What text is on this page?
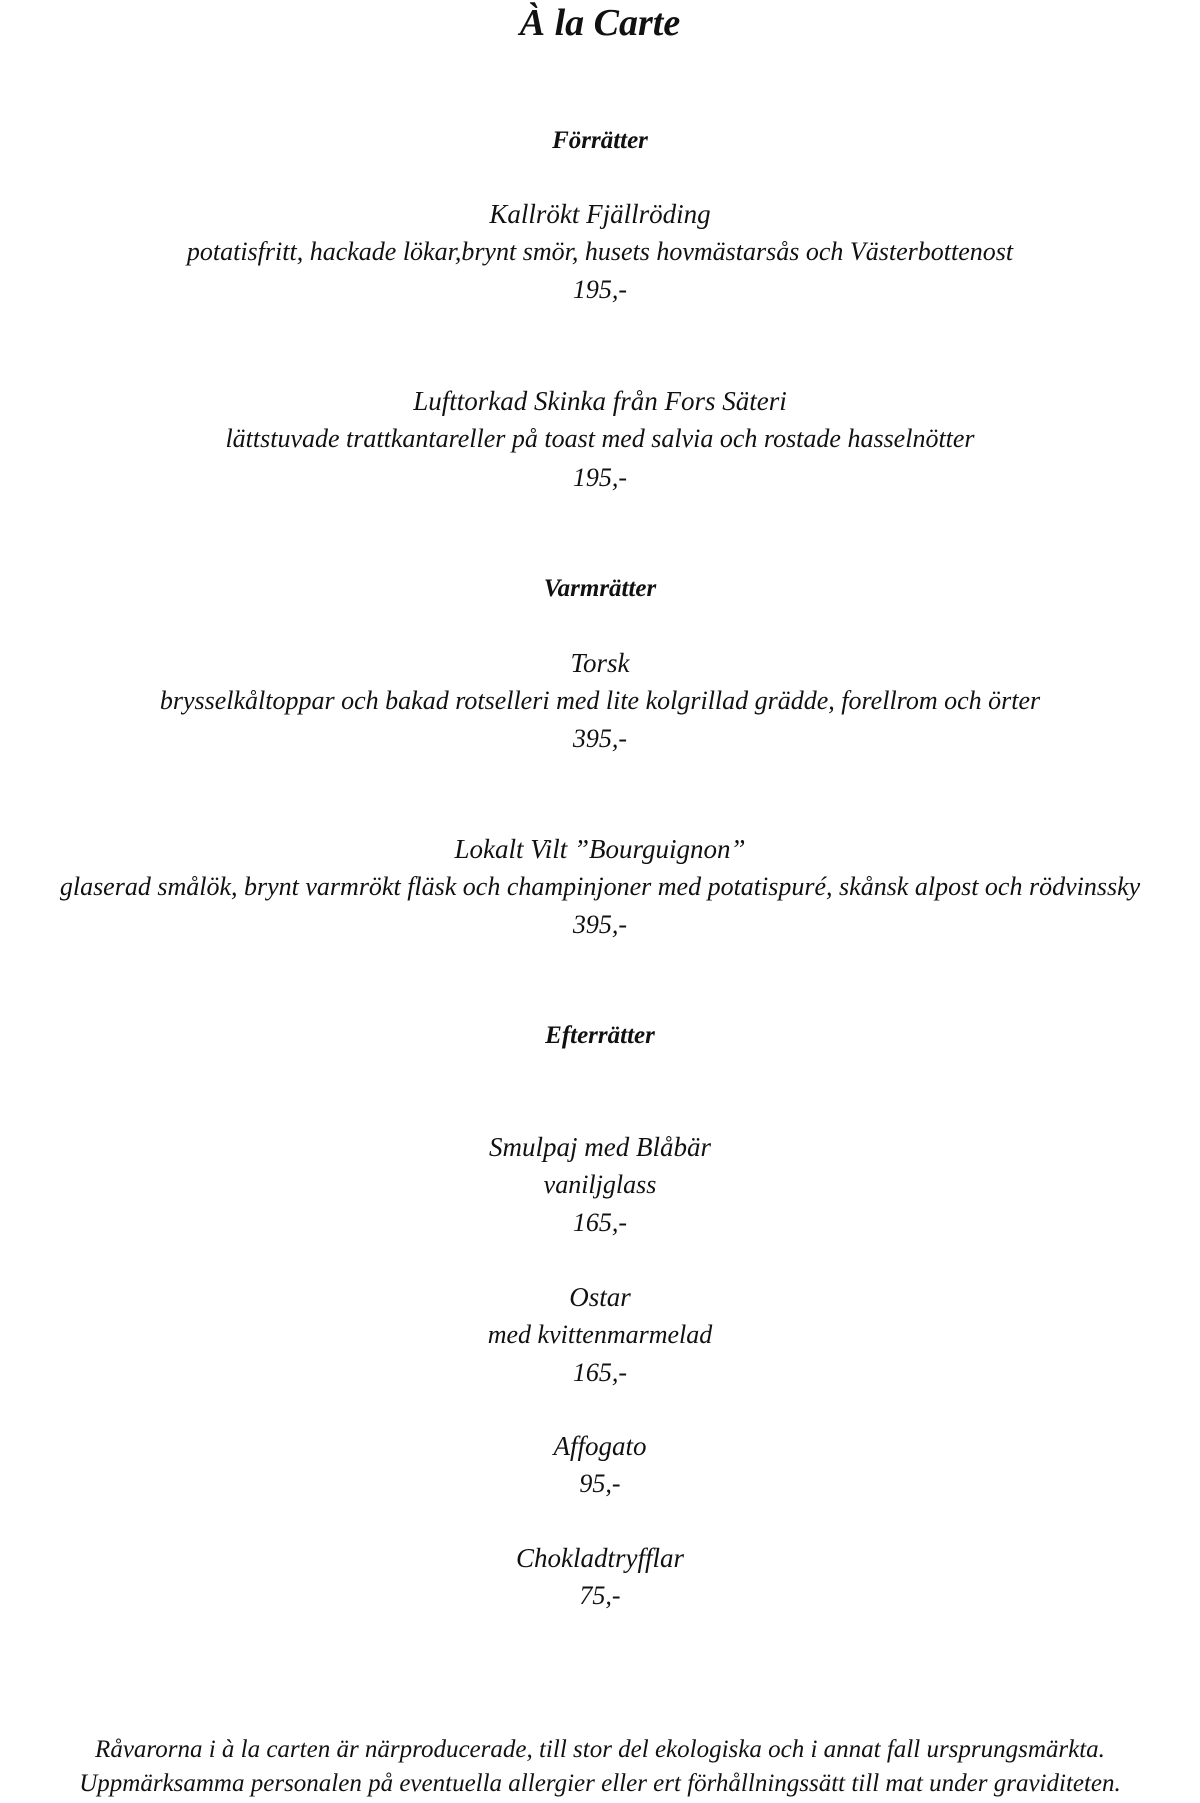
À la Carte
Förrätter
Kallrökt Fjällröding
potatisfritt, hackade lökar,brynt smör, husets hovmästarsås och Västerbottenost
195,-
Lufttorkad Skinka från Fors Säteri
lättstuvade trattkantareller på toast med salvia och rostade hasselnötter
195,-
Varmrätter
Torsk
brysselkåltoppar och bakad rotselleri med lite kolgrillad grädde, forellrom och örter
395,-
Lokalt Vilt ”Bourguignon”
glaserad smålök, brynt varmrökt fläsk och champinjoner med potatispuré, skånsk alpost och rödvinssky
395,-
Efterrätter
Smulpaj med Blåbär
vaniljglass
165,-
Ostar
med kvittenmarmelad
165,-
Affogato
95,-
Chokladtryfflar
75,-
Råvarorna i à la carten är närproducerade, till stor del ekologiska och i annat fall ursprungsmärkta.
Uppmärksamma personalen på eventuella allergier eller ert förhållningssätt till mat under graviditeten.
